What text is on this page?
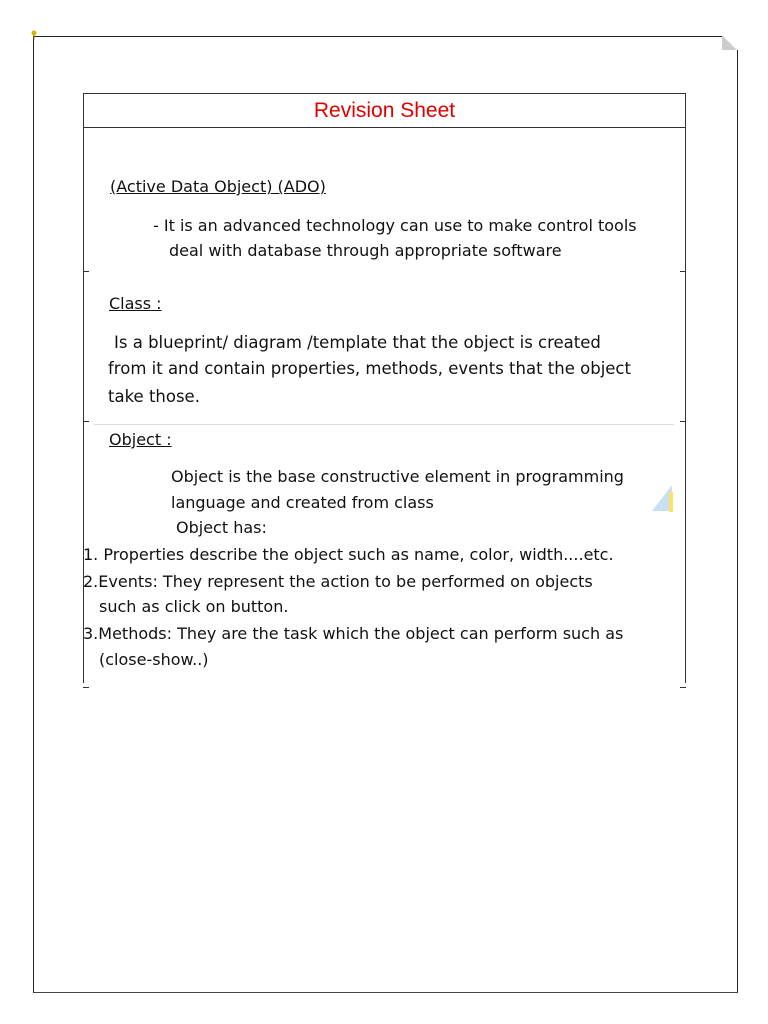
Revision Sheet
(Active Data Object) (ADO)
- It is an advanced technology can use to make control tools
deal with database through appropriate software
Class :
Is a blueprint/ diagram /template that the object is created
from it and contain properties, methods, events that the object
take those.
Object :
Object is the base constructive element in programming
language and created from class
Object has:
1. Properties describe the object such as name, color, width....etc.
2.Events: They represent the action to be performed on objects
such as click on button.
3.Methods: They are the task which the object can perform such as
(close-show..)
